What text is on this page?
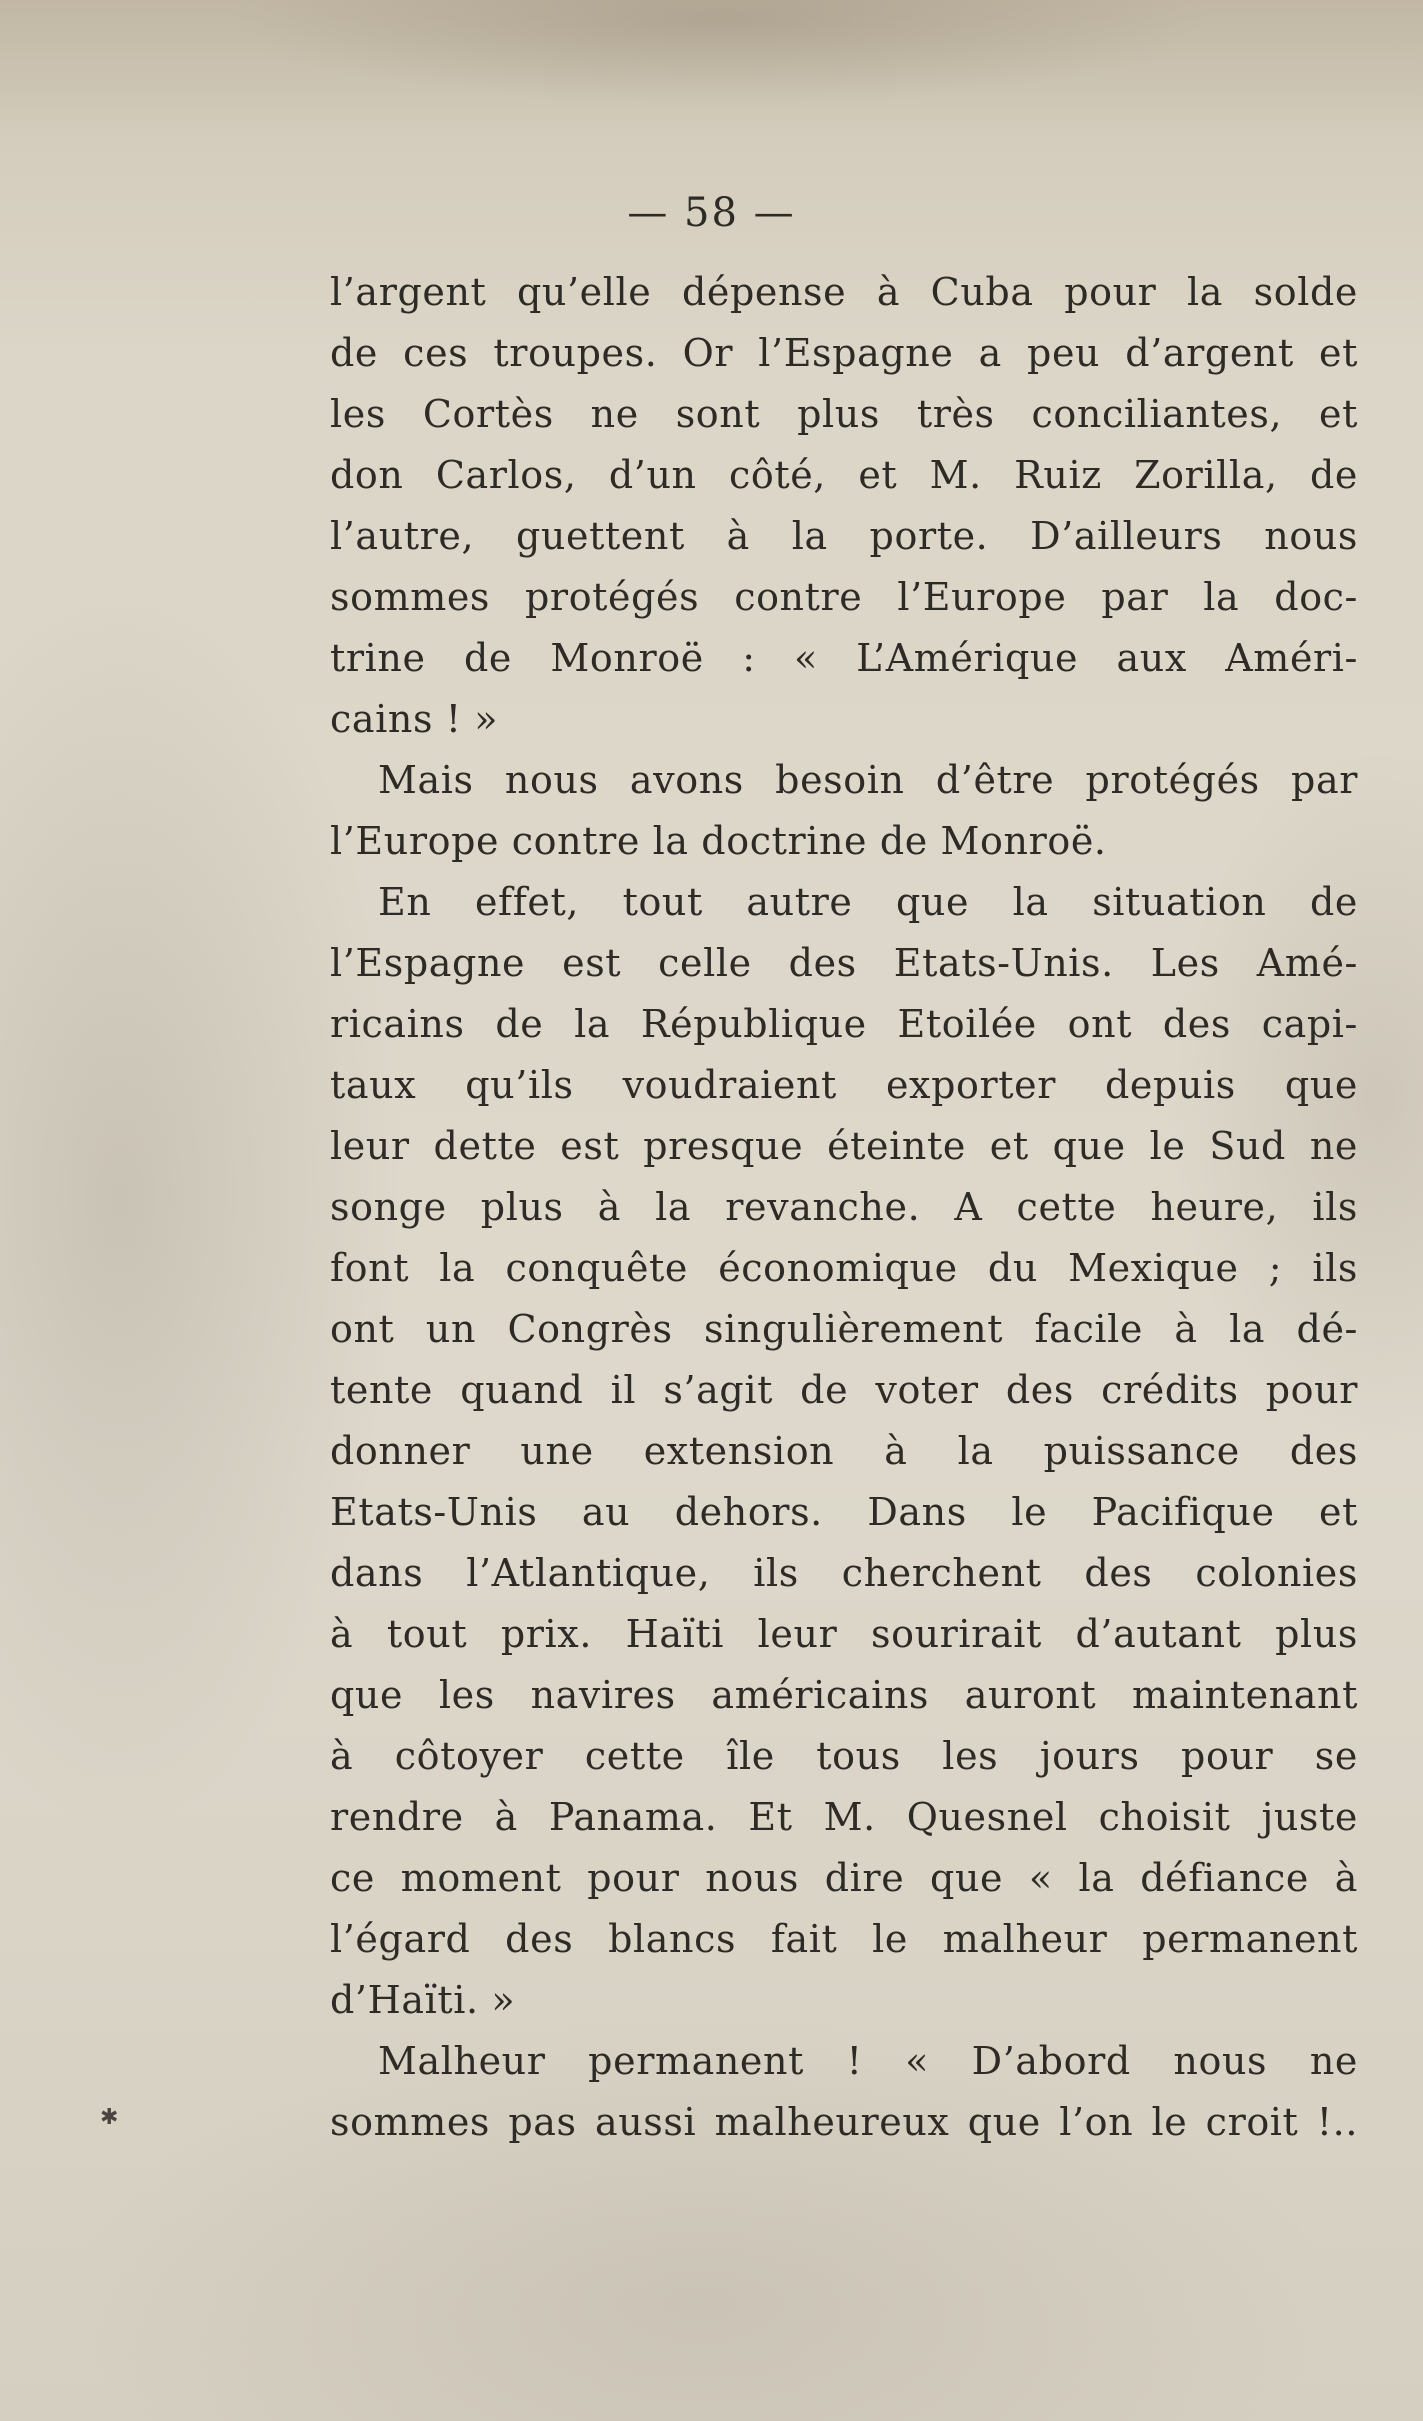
— 58 —
l’argent qu’elle dépense à Cuba pour la solde
de ces troupes. Or l’Espagne a peu d’argent et
les Cortès ne sont plus très conciliantes, et
don Carlos, d’un côté, et M. Ruiz Zorilla, de
l’autre, guettent à la porte. D’ailleurs nous
sommes protégés contre l’Europe par la doc-
trine de Monroë : « L’Amérique aux Améri-
cains ! »
Mais nous avons besoin d’être protégés par
l’Europe contre la doctrine de Monroë.
En effet, tout autre que la situation de
l’Espagne est celle des Etats-Unis. Les Amé-
ricains de la République Etoilée ont des capi-
taux qu’ils voudraient exporter depuis que
leur dette est presque éteinte et que le Sud ne
songe plus à la revanche. A cette heure, ils
font la conquête économique du Mexique ; ils
ont un Congrès singulièrement facile à la dé-
tente quand il s’agit de voter des crédits pour
donner une extension à la puissance des
Etats-Unis au dehors. Dans le Pacifique et
dans l’Atlantique, ils cherchent des colonies
à tout prix. Haïti leur sourirait d’autant plus
que les navires américains auront maintenant
à côtoyer cette île tous les jours pour se
rendre à Panama. Et M. Quesnel choisit juste
ce moment pour nous dire que « la défiance à
l’égard des blancs fait le malheur permanent
d’Haïti. »
Malheur permanent ! « D’abord nous ne
sommes pas aussi malheureux que l’on le croit !..
✱
